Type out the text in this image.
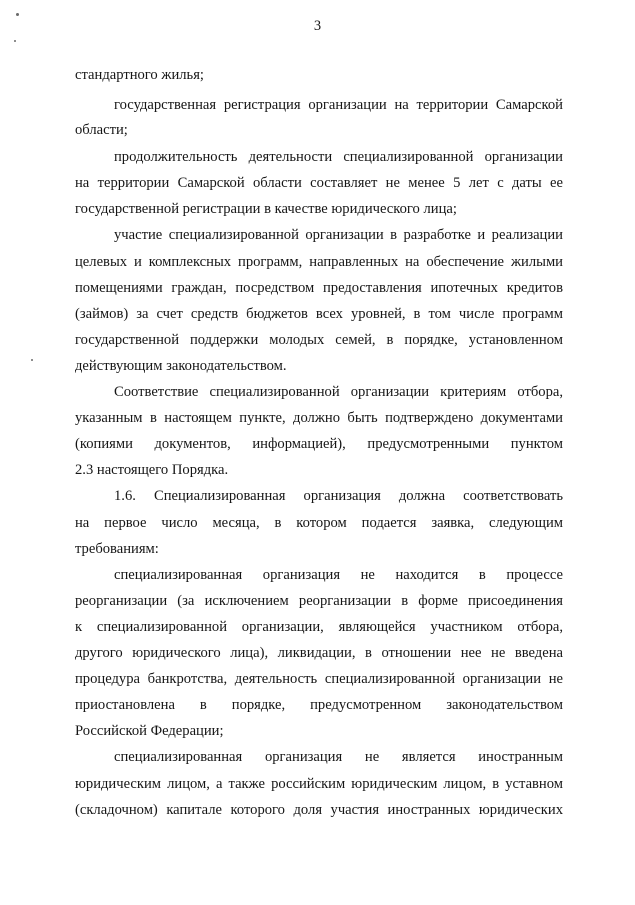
3
стандартного жилья;
государственная регистрация организации на территории Самарской
области;
продолжительность деятельности специализированной организации
на территории Самарской области составляет не менее 5 лет с даты ее
государственной регистрации в качестве юридического лица;
участие специализированной организации в разработке и реализации
целевых и комплексных программ, направленных на обеспечение жилыми
помещениями граждан, посредством предоставления ипотечных кредитов
(займов) за счет средств бюджетов всех уровней, в том числе программ
государственной поддержки молодых семей, в порядке, установленном
действующим законодательством.
Соответствие специализированной организации критериям отбора,
указанным в настоящем пункте, должно быть подтверждено документами
(копиями документов, информацией), предусмотренными пунктом
2.3 настоящего Порядка.
1.6. Специализированная организация должна соответствовать
на первое число месяца, в котором подается заявка, следующим
требованиям:
специализированная организация не находится в процессе
реорганизации (за исключением реорганизации в форме присоединения
к специализированной организации, являющейся участником отбора,
другого юридического лица), ликвидации, в отношении нее не введена
процедура банкротства, деятельность специализированной организации не
приостановлена в порядке, предусмотренном законодательством
Российской Федерации;
специализированная организация не является иностранным
юридическим лицом, а также российским юридическим лицом, в уставном
(складочном) капитале которого доля участия иностранных юридических
